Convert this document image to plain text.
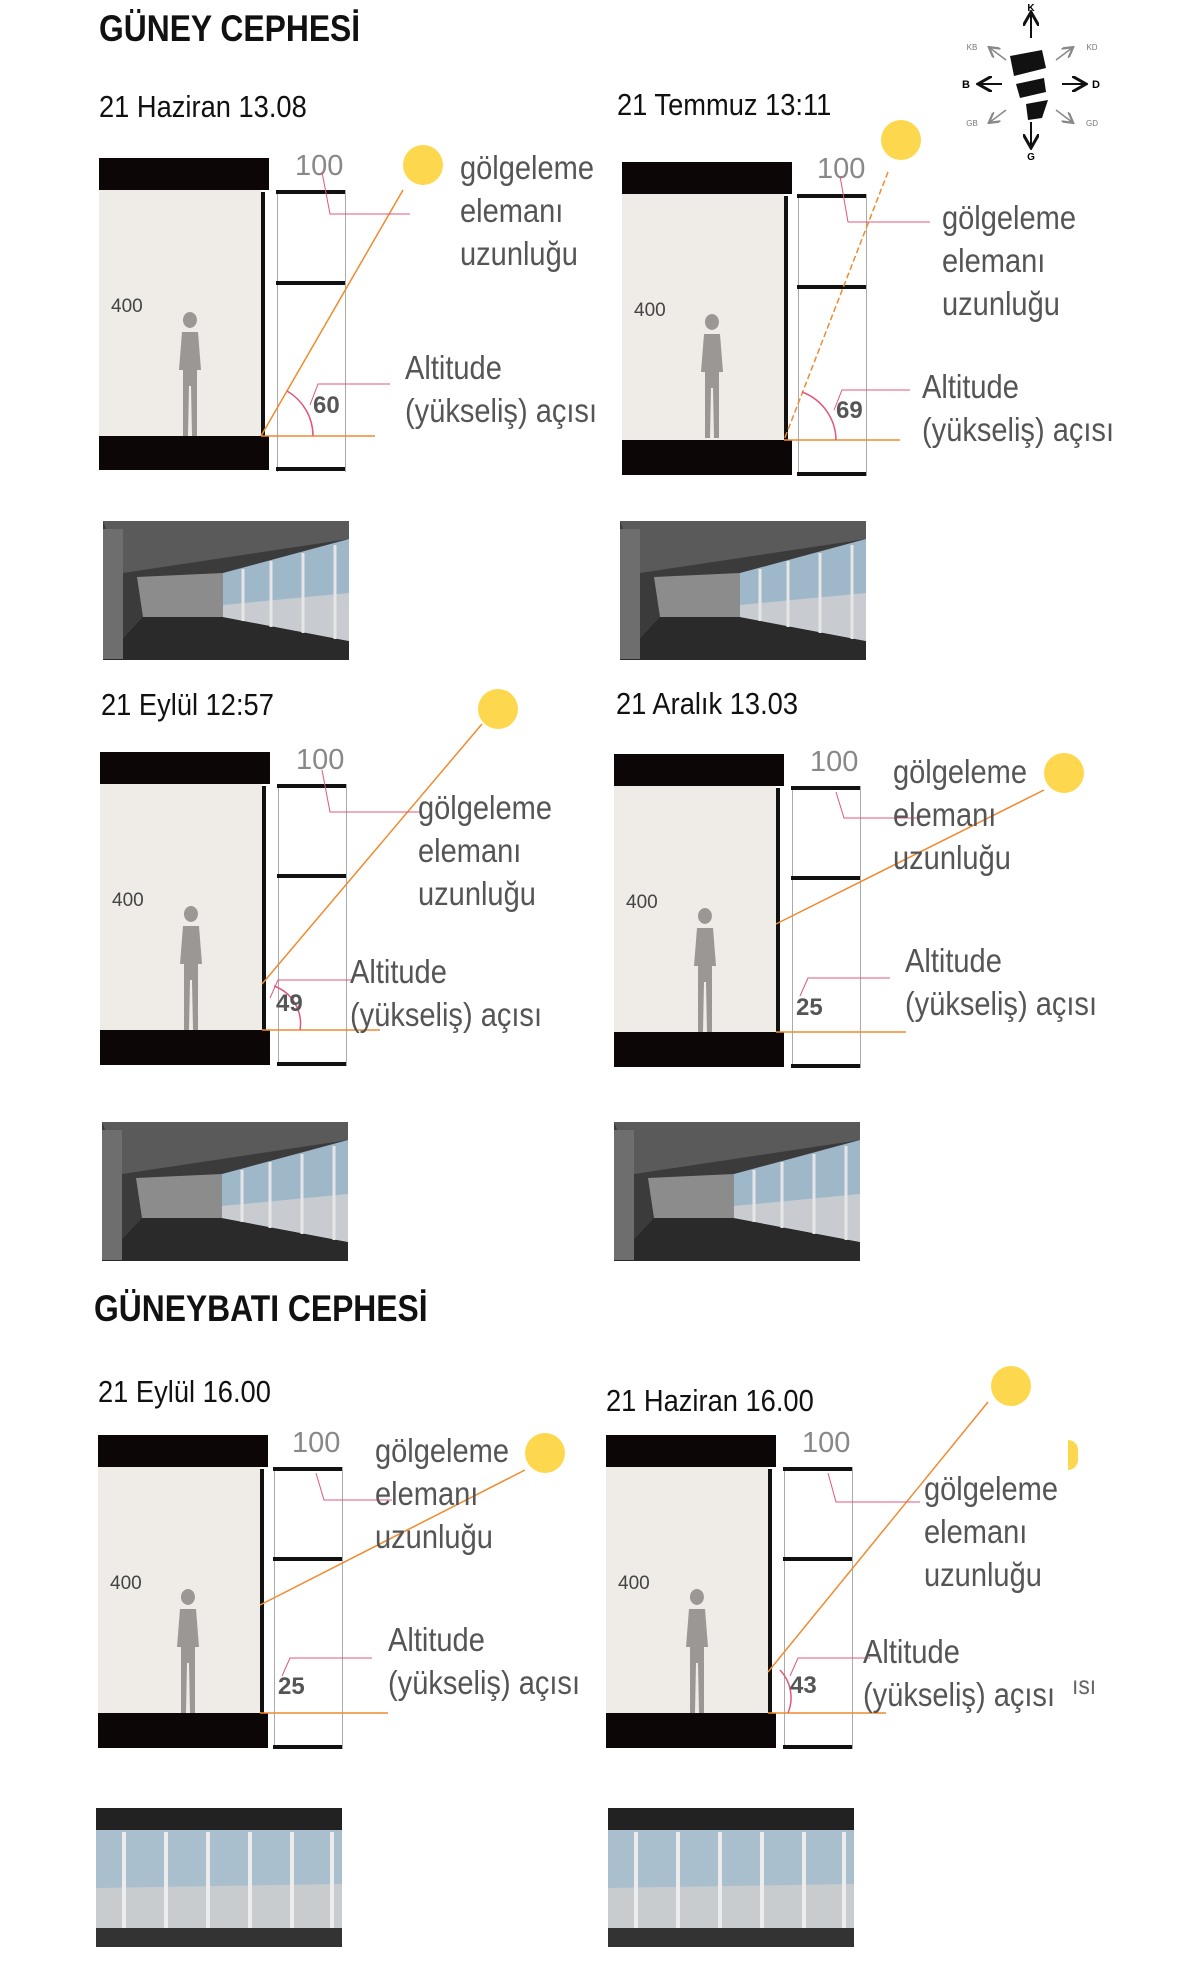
GÜNEY CEPHESİ
GÜNEYBATI CEPHESİ
K
G
D
B
KD
KB
GD
GB
21 Haziran 13.08
400
100
60
gölgeleme
elemanı
uzunluğu
Altitude
(yükseliş) açısı
21 Temmuz 13:11
400
100
69
gölgeleme
elemanı
uzunluğu
Altitude
(yükseliş) açısı
21 Eylül 12:57
400
100
49
gölgeleme
elemanı
uzunluğu
Altitude
(yükseliş) açısı
21 Aralık 13.03
400
100
25
gölgeleme
elemanı
uzunluğu
Altitude
(yükseliş) açısı
21 Eylül 16.00
400
100
25
gölgeleme
elemanı
uzunluğu
Altitude
(yükseliş) açısı
21 Haziran 16.00
400
100
ısı
43
gölgeleme
elemanı
uzunluğu
Altitude
(yükseliş) açısı
